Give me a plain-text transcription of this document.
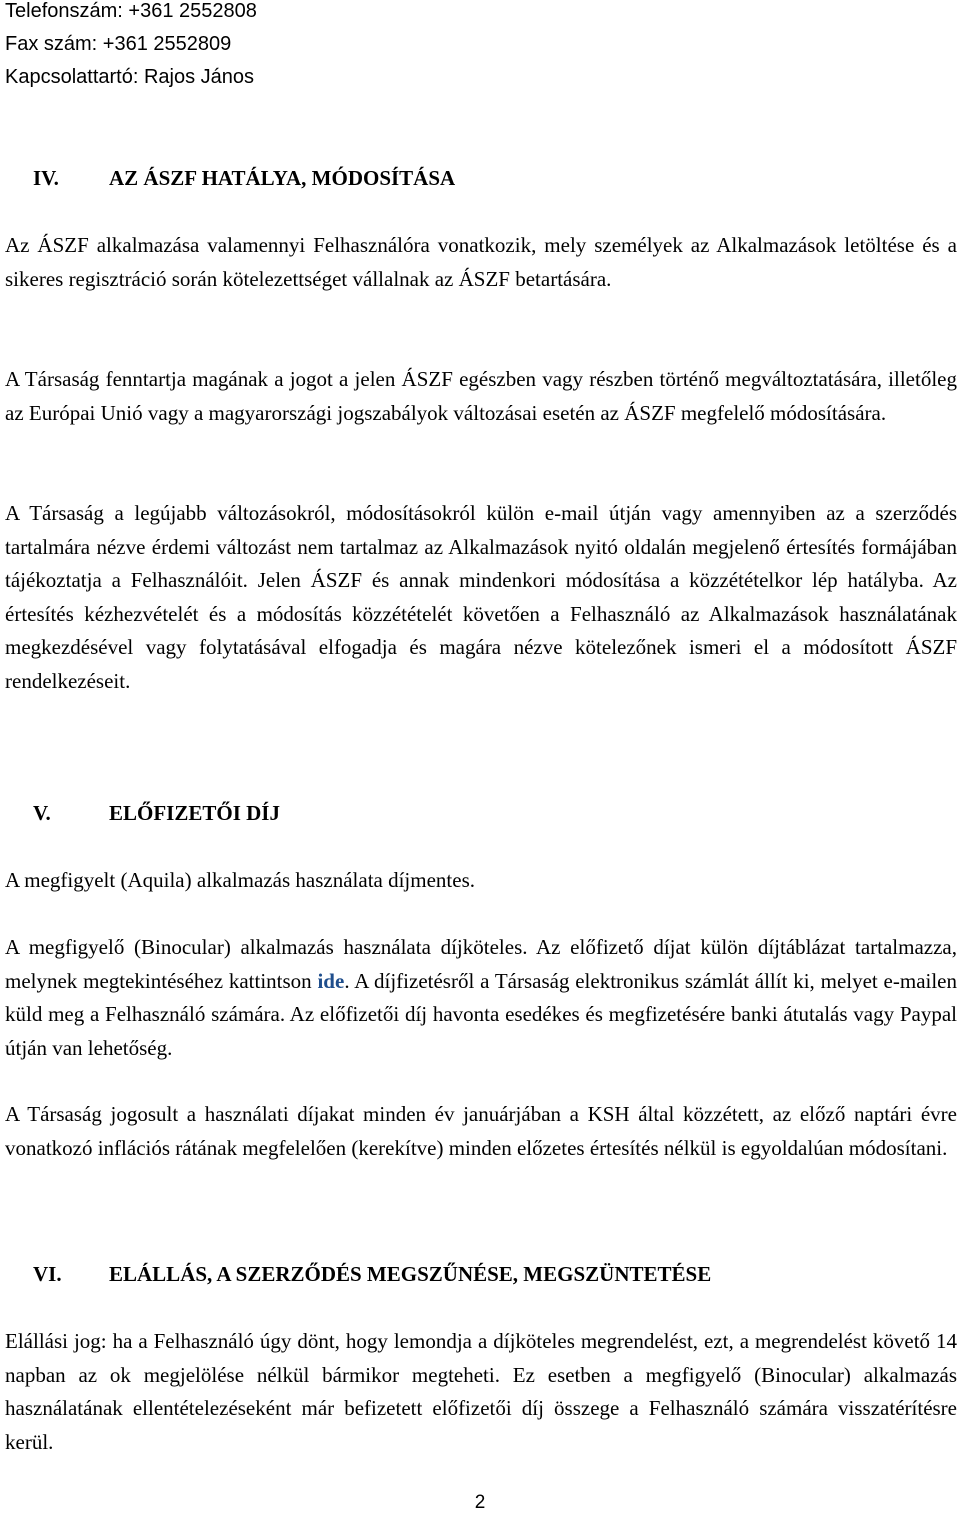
Telefonszám: +361 2552808
Fax szám: +361 2552809
Kapcsolattartó: Rajos János
IV. AZ ÁSZF HATÁLYA, MÓDOSÍTÁSA

Az ÁSZF alkalmazása valamennyi Felhasználóra vonatkozik, mely személyek az Alkalmazások letöltése és a sikeres regisztráció során kötelezettséget vállalnak az ÁSZF betartására.

A Társaság fenntartja magának a jogot a jelen ÁSZF egészben vagy részben történő megváltoztatására, illetőleg az Európai Unió vagy a magyarországi jogszabályok változásai esetén az ÁSZF megfelelő módosítására.

A Társaság a legújabb változásokról, módosításokról külön e-mail útján vagy amennyiben az a szerződés tartalmára nézve érdemi változást nem tartalmaz az Alkalmazások nyitó oldalán megjelenő értesítés formájában tájékoztatja a Felhasználóit. Jelen ÁSZF és annak mindenkori módosítása a közzétételkor lép hatályba. Az értesítés kézhezvételét és a módosítás közzétételét követően a Felhasználó az Alkalmazások használatának megkezdésével vagy folytatásával elfogadja és magára nézve kötelezőnek ismeri el a módosított ÁSZF rendelkezéseit.

V.	ELŐFIZETŐI DÍJ

A megfigyelt (Aquila) alkalmazás használata díjmentes.

A megfigyelő (Binocular) alkalmazás használata díjköteles. Az előfizető díjat külön díjtáblázat tartalmazza, melynek megtekintéséhez kattintson ide. A díjfizetésről a Társaság elektronikus számlát állít ki, melyet e-mailen küld meg a Felhasználó számára. Az előfizetői díj havonta esedékes és megfizetésére banki átutalás vagy Paypal útján van lehetőség.

A Társaság jogosult a használati díjakat minden év januárjában a KSH által közzétett, az előző naptári évre vonatkozó inflációs rátának megfelelően (kerekítve) minden előzetes értesítés nélkül is egyoldalúan módosítani.

VI. ELÁLLÁS, A SZERZŐDÉS MEGSZŰNÉSE, MEGSZÜNTETÉSE

Elállási jog: ha a Felhasználó úgy dönt, hogy lemondja a díjköteles megrendelést, ezt, a megrendelést követő 14 napban az ok megjelölése nélkül bármikor megteheti. Ez esetben a megfigyelő (Binocular) alkalmazás használatának ellentételezéseként már befizetett előfizetői díj összege a Felhasználó számára visszatérítésre kerül.

2
